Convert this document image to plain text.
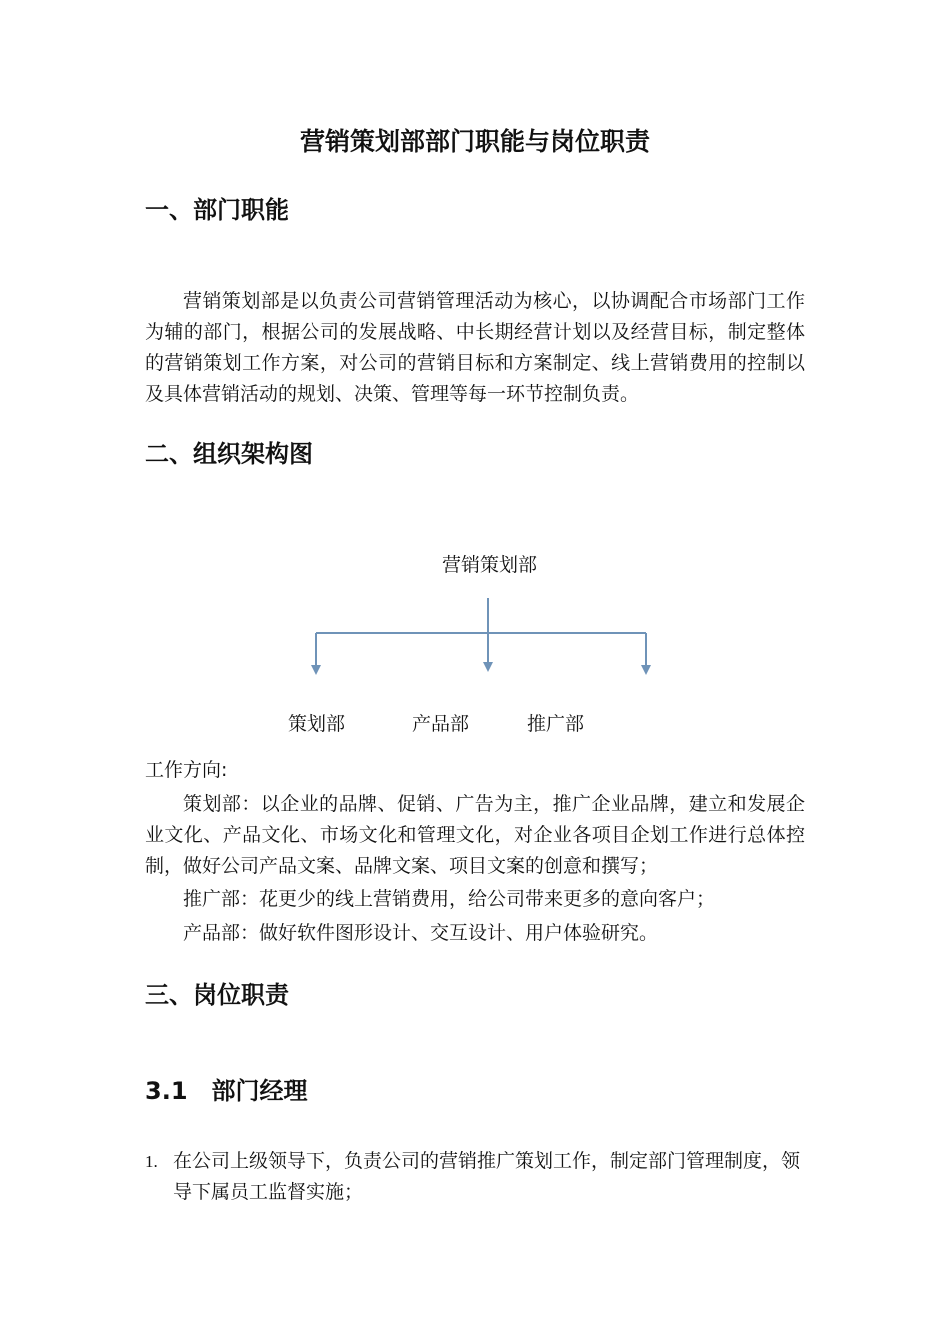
营销策划部部门职能与岗位职责
一、部门职能

营销策划部是以负责公司营销管理活动为核心，以协调配合市场部门工作为辅的部门，根据公司的发展战略、中长期经营计划以及经营目标，制定整体的营销策划工作方案，对公司的营销目标和方案制定、线上营销费用的控制以及具体营销活动的规划、决策、管理等每一环节控制负责。

二、组织架构图
营销策划部
策划部	产品部	推广部

工作方向:

策划部：以企业的品牌、促销、广告为主，推广企业品牌，建立和发展企业文化、产品文化、市场文化和管理文化，对企业各项目企划工作进行总体控制，做好公司产品文案、品牌文案、项目文案的创意和撰写；

推广部：花更少的线上营销费用，给公司带来更多的意向客户；

产品部：做好软件图形设计、交互设计、用户体验研究。

三、岗位职责
3.1　部门经理
1. 在公司上级领导下，负责公司的营销推广策划工作，制定部门管理制度，领导下属员工监督实施；
